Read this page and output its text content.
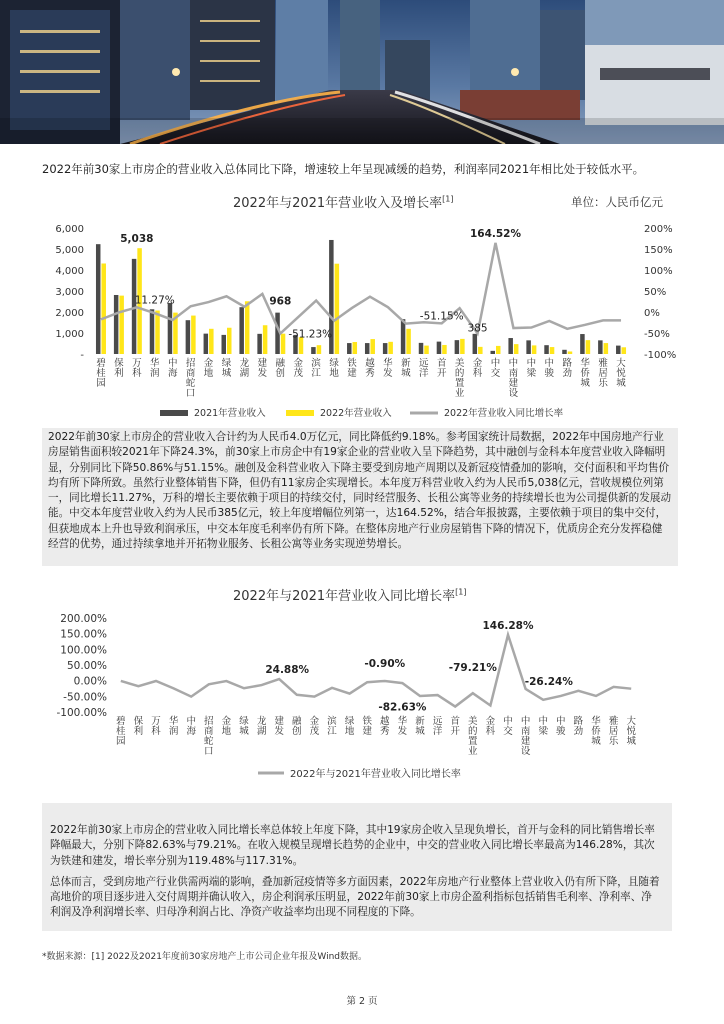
2022年前30家上市房企的营业收入总体同比下降，增速较上年呈现减缓的趋势，利润率同2021年相比处于较低水平。
2022年与2021年营业收入及增长率[1]	单位：人民币亿元
-
1,000
2,000
3,000
4,000
5,000
6,000
-100%
-50%
0%
50%
100%
150%
200%
碧桂园
保利
万科
华润
中海
招商蛇口
金地
绿城
龙湖
建发
融创
金茂
滨江
绿地
铁建
越秀
华发
新城
远洋
首开
美的置业
金科
中交
中南建设
中梁
中骏
路劲
华侨城
雅居乐
大悦城
5,038
11.27%	968
-51.23%
-51.15%
385
164.52%
2021年营业收入	2022年营业收入	2022年营业收入同比增长率

2022年前30家上市房企的营业收入合计约为人民币4.0万亿元，同比降低约9.18%。参考国家统计局数据，2022年中国房地产行业房屋销售面积较2021年下降24.3%，前30家上市房企中有19家企业的营业收入呈下降趋势，其中融创与金科本年度营业收入降幅明显，分别同比下降50.86%与51.15%。融创及金科营业收入下降主要受到房地产周期以及新冠疫情叠加的影响，交付面积和平均售价均有所下降所致。虽然行业整体销售下降，但仍有11家房企实现增长。本年度万科营业收入约为人民币5,038亿元，营收规模位列第一，同比增长11.27%，万科的增长主要依赖于项目的持续交付，同时经营服务、长租公寓等业务的持续增长也为公司提供新的发展动能。中交本年度营业收入约为人民币385亿元，较上年度增幅位列第一，达164.52%，结合年报披露，主要依赖于项目的集中交付，但获地成本上升也导致利润承压，中交本年度毛利率仍有所下降。在整体房地产行业房屋销售下降的情况下，优质房企充分发挥稳健经营的优势，通过持续拿地并开拓物业服务、长租公寓等业务实现逆势增长。

2022年与2021年营业收入同比增长率[1]
-100.00%
-50.00%
0.00%
50.00%
100.00%
150.00%
200.00%
碧桂园
保利
万科
华润
中海
招商蛇口
金地
绿城
龙湖
建发
融创
金茂
滨江
绿地
铁建
越秀
华发
新城
远洋
首开
美的置业
金科
中交
中南建设
中梁
中骏
路劲
华侨城
雅居乐
大悦城
24.88%
-0.90%
-82.63%
-79.21%
146.28%
-26.24%
2022年与2021年营业收入同比增长率

2022年前30家上市房企的营业收入同比增长率总体较上年度下降，其中19家房企收入呈现负增长，首开与金科的同比销售增长率降幅最大，分别下降82.63%与79.21%。在收入规模呈现增长趋势的企业中，中交的营业收入同比增长率最高为146.28%，其次为铁建和建发，增长率分别为119.48%与117.31%。

总体而言，受到房地产行业供需两端的影响，叠加新冠疫情等多方面因素，2022年房地产行业整体上营业收入仍有所下降，且随着高地价的项目逐步进入交付周期并确认收入，房企利润承压明显，2022年前30家上市房企盈利指标包括销售毛利率、净利率、净利润及净利润增长率、归母净利润占比、净资产收益率均出现不同程度的下降。

*数据来源：[1] 2022及2021年度前30家房地产上市公司企业年报及Wind数据。
第 2 页
